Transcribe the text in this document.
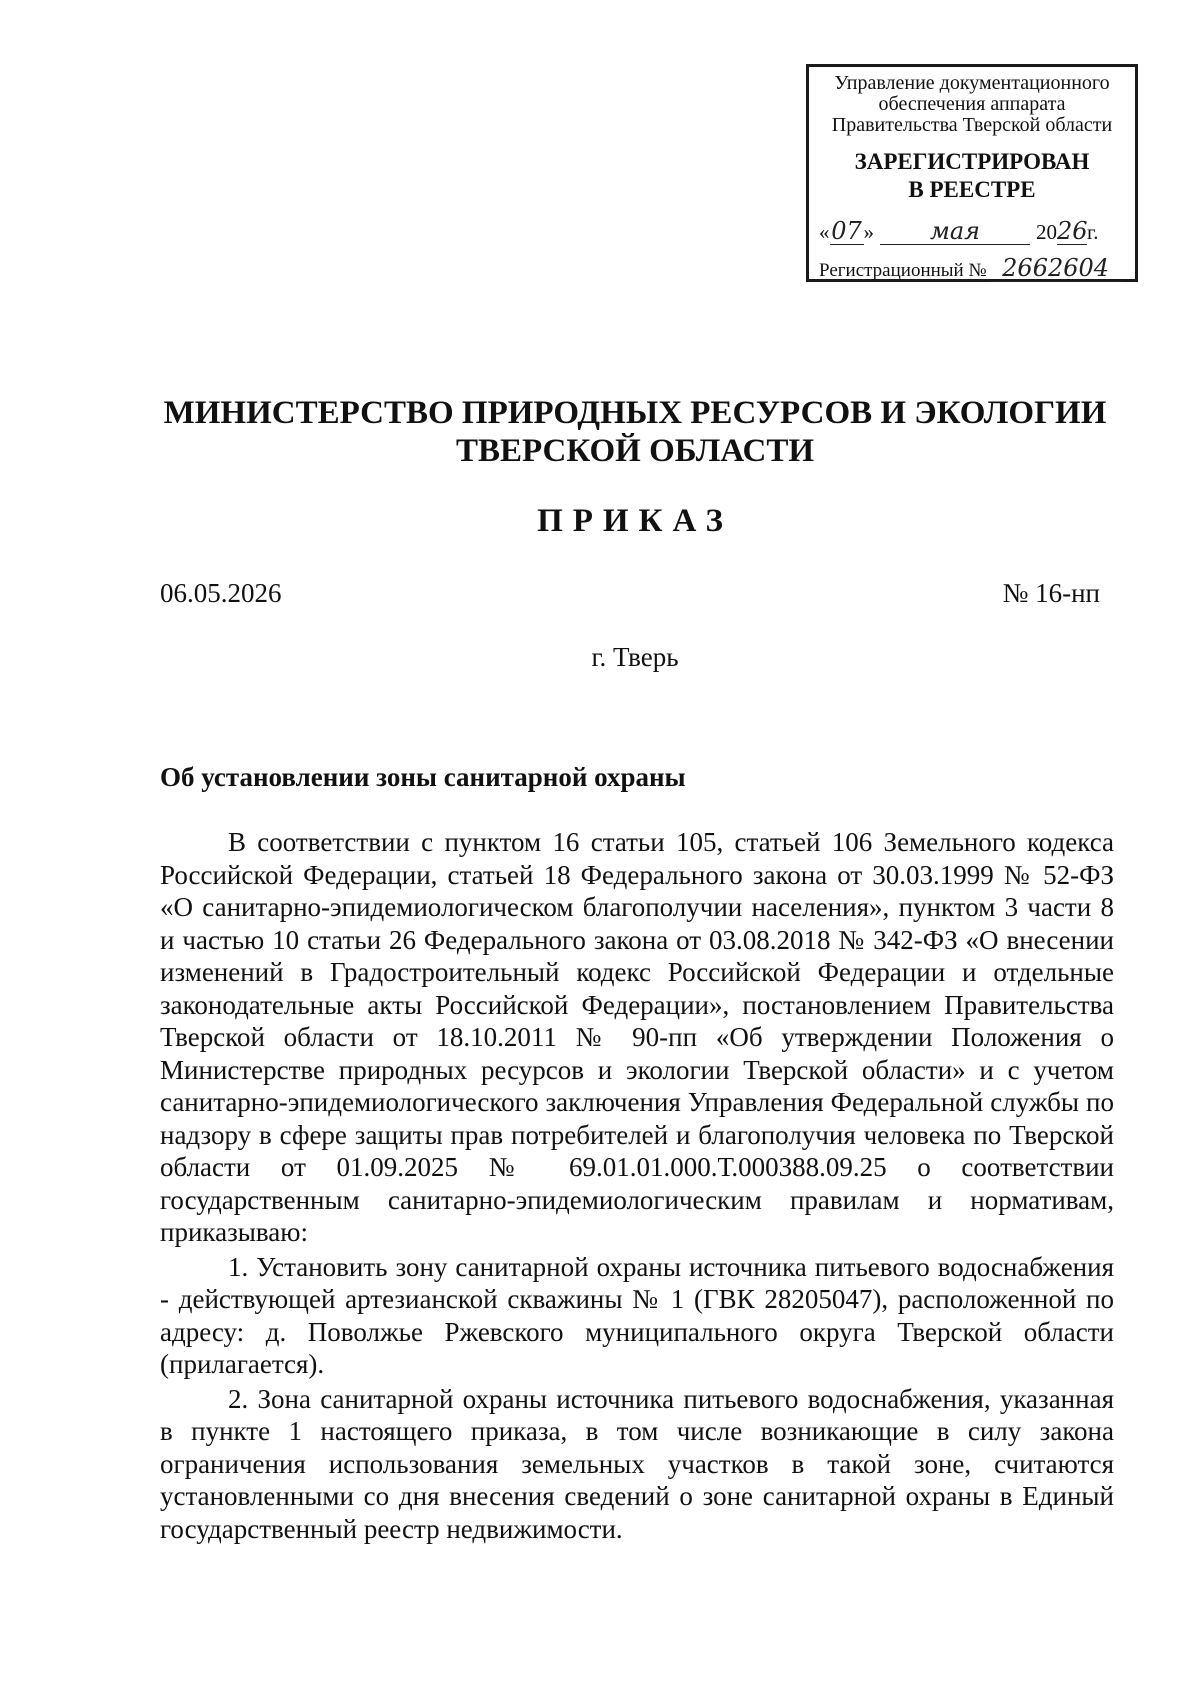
Управление документационного
обеспечения аппарата
Правительства Тверской области
ЗАРЕГИСТРИРОВАН
В РЕЕСТРЕ
« 07 »	мая	20 26 г.
Регистрационный № 2662604
МИНИСТЕРСТВО ПРИРОДНЫХ РЕСУРСОВ И ЭКОЛОГИИ
ТВЕРСКОЙ ОБЛАСТИ
ПРИКАЗ
06.05.2026	№ 16-нп
г. Тверь
Об установлении зоны санитарной охраны

В соответствии с пунктом 16 статьи 105, статьей 106 Земельного кодекса Российской Федерации, статьей 18 Федерального закона от 30.03.1999 № 52-ФЗ «О санитарно-эпидемиологическом благополучии населения», пунктом 3 части 8 и частью 10 статьи 26 Федерального закона от 03.08.2018 № 342-ФЗ «О внесении изменений в Градостроительный кодекс Российской Федерации и отдельные законодательные акты Российской Федерации», постановлением Правительства Тверской области от 18.10.2011 № 90-пп «Об утверждении Положения о Министерстве природных ресурсов и экологии Тверской области» и с учетом санитарно-эпидемиологического заключения Управления Федеральной службы по надзору в сфере защиты прав потребителей и благополучия человека по Тверской области от 01.09.2025 № 69.01.01.000.Т.000388.09.25 о соответствии государственным санитарно-эпидемиологическим правилам и нормативам, приказываю:

1. Установить зону санитарной охраны источника питьевого водоснабжения - действующей артезианской скважины № 1 (ГВК 28205047), расположенной по адресу: д. Поволжье Ржевского муниципального округа Тверской области (прилагается).

2. Зона санитарной охраны источника питьевого водоснабжения, указанная в пункте 1 настоящего приказа, в том числе возникающие в силу закона ограничения использования земельных участков в такой зоне, считаются установленными со дня внесения сведений о зоне санитарной охраны в Единый государственный реестр недвижимости.
